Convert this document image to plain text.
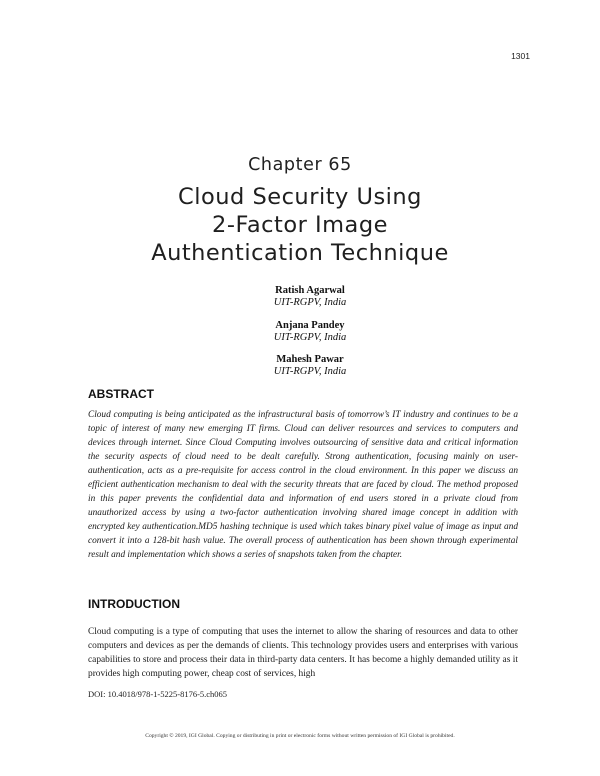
1301
Chapter 65
Cloud Security Using
2-Factor Image
Authentication Technique
Ratish Agarwal
UIT-RGPV, India
Anjana Pandey
UIT-RGPV, India
Mahesh Pawar
UIT-RGPV, India
ABSTRACT
Cloud computing is being anticipated as the infrastructural basis of tomorrow’s IT industry and continues to be a topic of interest of many new emerging IT firms. Cloud can deliver resources and services to computers and devices through internet. Since Cloud Computing involves outsourcing of sensitive data and critical information the security aspects of cloud need to be dealt carefully. Strong authentication, focusing mainly on user-authentication, acts as a pre-requisite for access control in the cloud environment. In this paper we discuss an efficient authentication mechanism to deal with the security threats that are faced by cloud. The method proposed in this paper prevents the confidential data and information of end users stored in a private cloud from unauthorized access by using a two-factor authentication involving shared image concept in addition with encrypted key authentication.MD5 hashing technique is used which takes binary pixel value of image as input and convert it into a 128-bit hash value. The overall process of authentication has been shown through experimental result and implementation which shows a series of snapshots taken from the chapter.
INTRODUCTION
Cloud computing is a type of computing that uses the internet to allow the sharing of resources and data to other computers and devices as per the demands of clients. This technology provides users and enterprises with various capabilities to store and process their data in third-party data centers. It has become a highly demanded utility as it provides high computing power, cheap cost of services, high
DOI: 10.4018/978-1-5225-8176-5.ch065
Copyright © 2019, IGI Global. Copying or distributing in print or electronic forms without written permission of IGI Global is prohibited.
